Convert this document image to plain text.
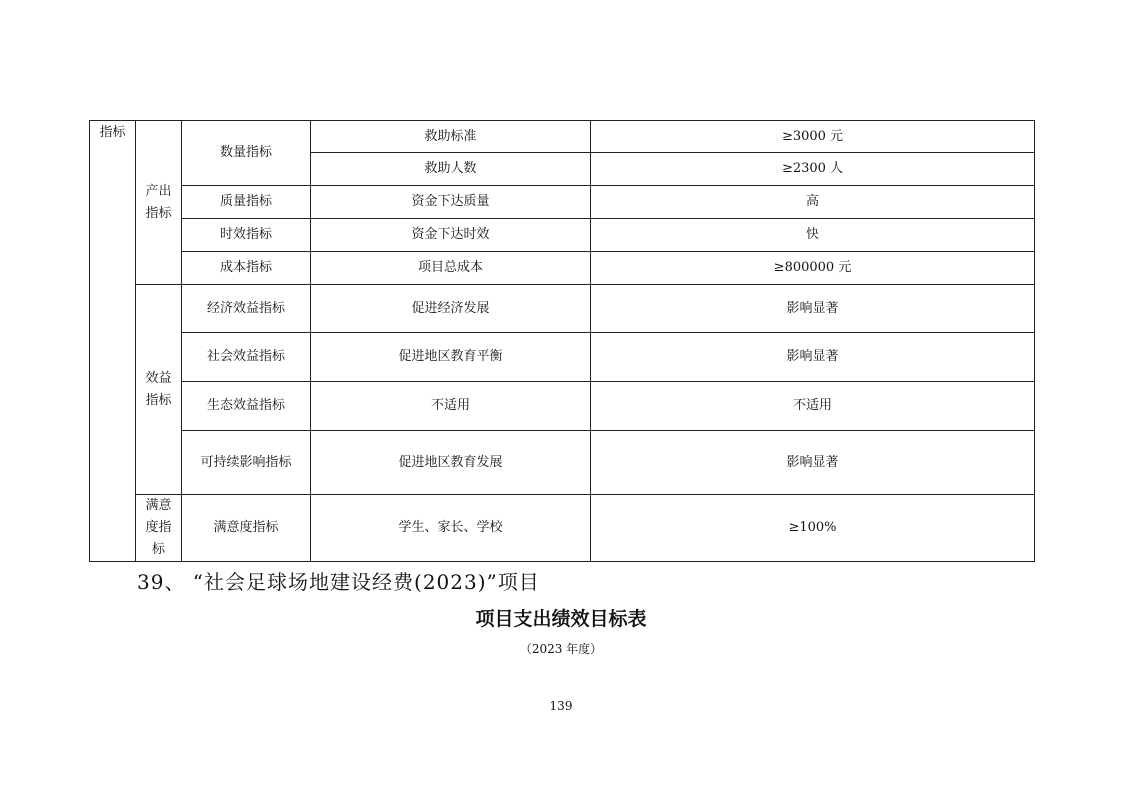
指标	产出指标	数量指标	救助标准	≥3000 元
			救助人数	≥2300 人
		质量指标	资金下达质量	高
		时效指标	资金下达时效	快
		成本指标	项目总成本	≥800000 元
	效益指标	经济效益指标	促进经济发展	影响显著
		社会效益指标	促进地区教育平衡	影响显著
		生态效益指标	不适用	不适用
		可持续影响指标	促进地区教育发展	影响显著
	满意度指标	满意度指标	学生、家长、学校	≥100%
39、 “社会足球场地建设经费(2023)”项目
项目支出绩效目标表
（2023 年度）
139
